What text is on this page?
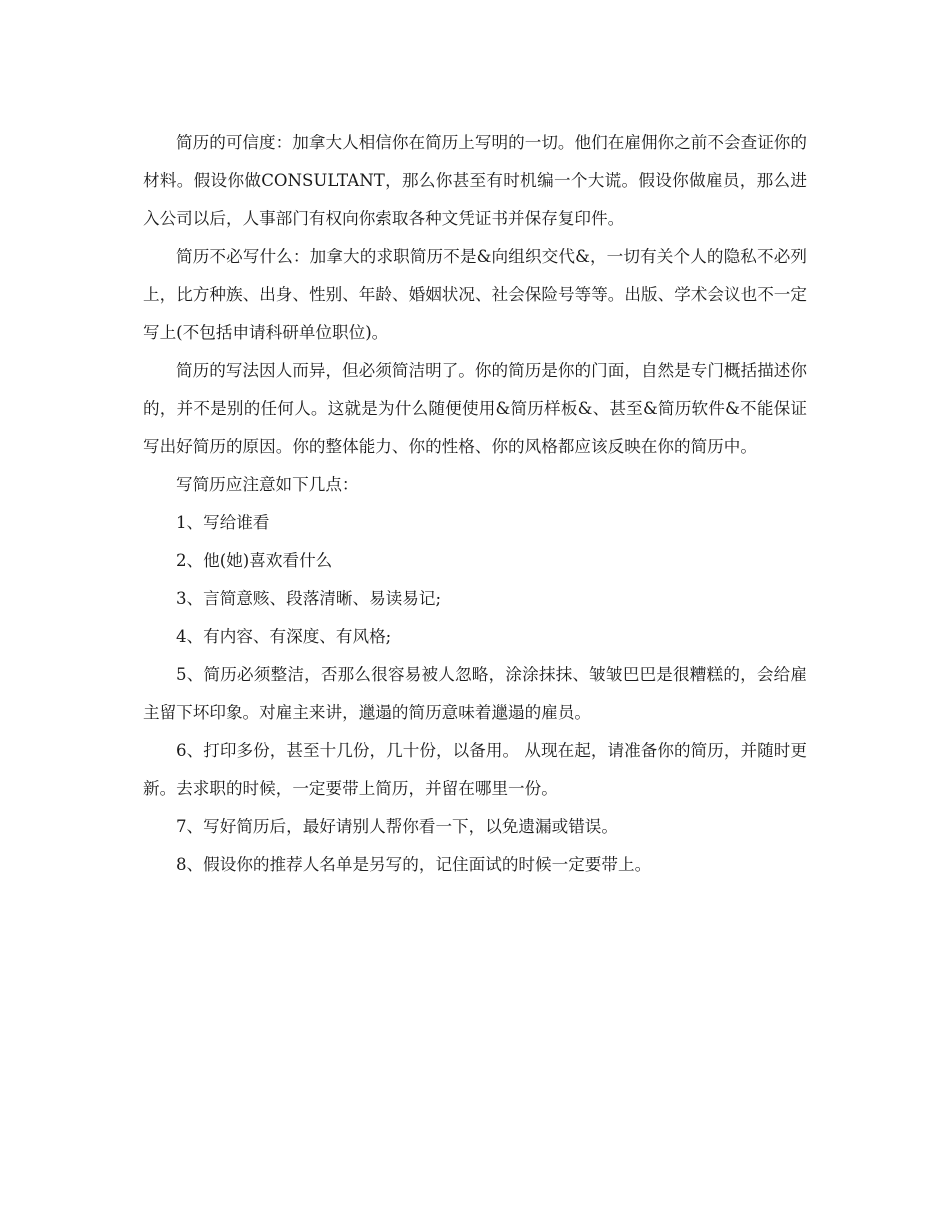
简历的可信度：加拿大人相信你在简历上写明的一切。他们在雇佣你之前不会查证你的材料。假设你做CONSULTANT，那么你甚至有时机编一个大谎。假设你做雇员，那么进入公司以后，人事部门有权向你索取各种文凭证书并保存复印件。

简历不必写什么：加拿大的求职简历不是&向组织交代&，一切有关个人的隐私不必列上，比方种族、出身、性别、年龄、婚姻状况、社会保险号等等。出版、学术会议也不一定写上(不包括申请科研单位职位)。

简历的写法因人而异，但必须简洁明了。你的简历是你的门面，自然是专门概括描述你的，并不是别的任何人。这就是为什么随便使用&简历样板&、甚至&简历软件&不能保证写出好简历的原因。你的整体能力、你的性格、你的风格都应该反映在你的简历中。

写简历应注意如下几点：

1、写给谁看

2、他(她)喜欢看什么

3、言简意赅、段落清晰、易读易记;

4、有内容、有深度、有风格;

5、简历必须整洁，否那么很容易被人忽略，涂涂抹抹、皱皱巴巴是很糟糕的，会给雇主留下坏印象。对雇主来讲，邋遢的简历意味着邋遢的雇员。

6、打印多份，甚至十几份，几十份，以备用。 从现在起，请准备你的简历，并随时更新。去求职的时候，一定要带上简历，并留在哪里一份。

7、写好简历后，最好请别人帮你看一下，以免遗漏或错误。

8、假设你的推荐人名单是另写的，记住面试的时候一定要带上。
